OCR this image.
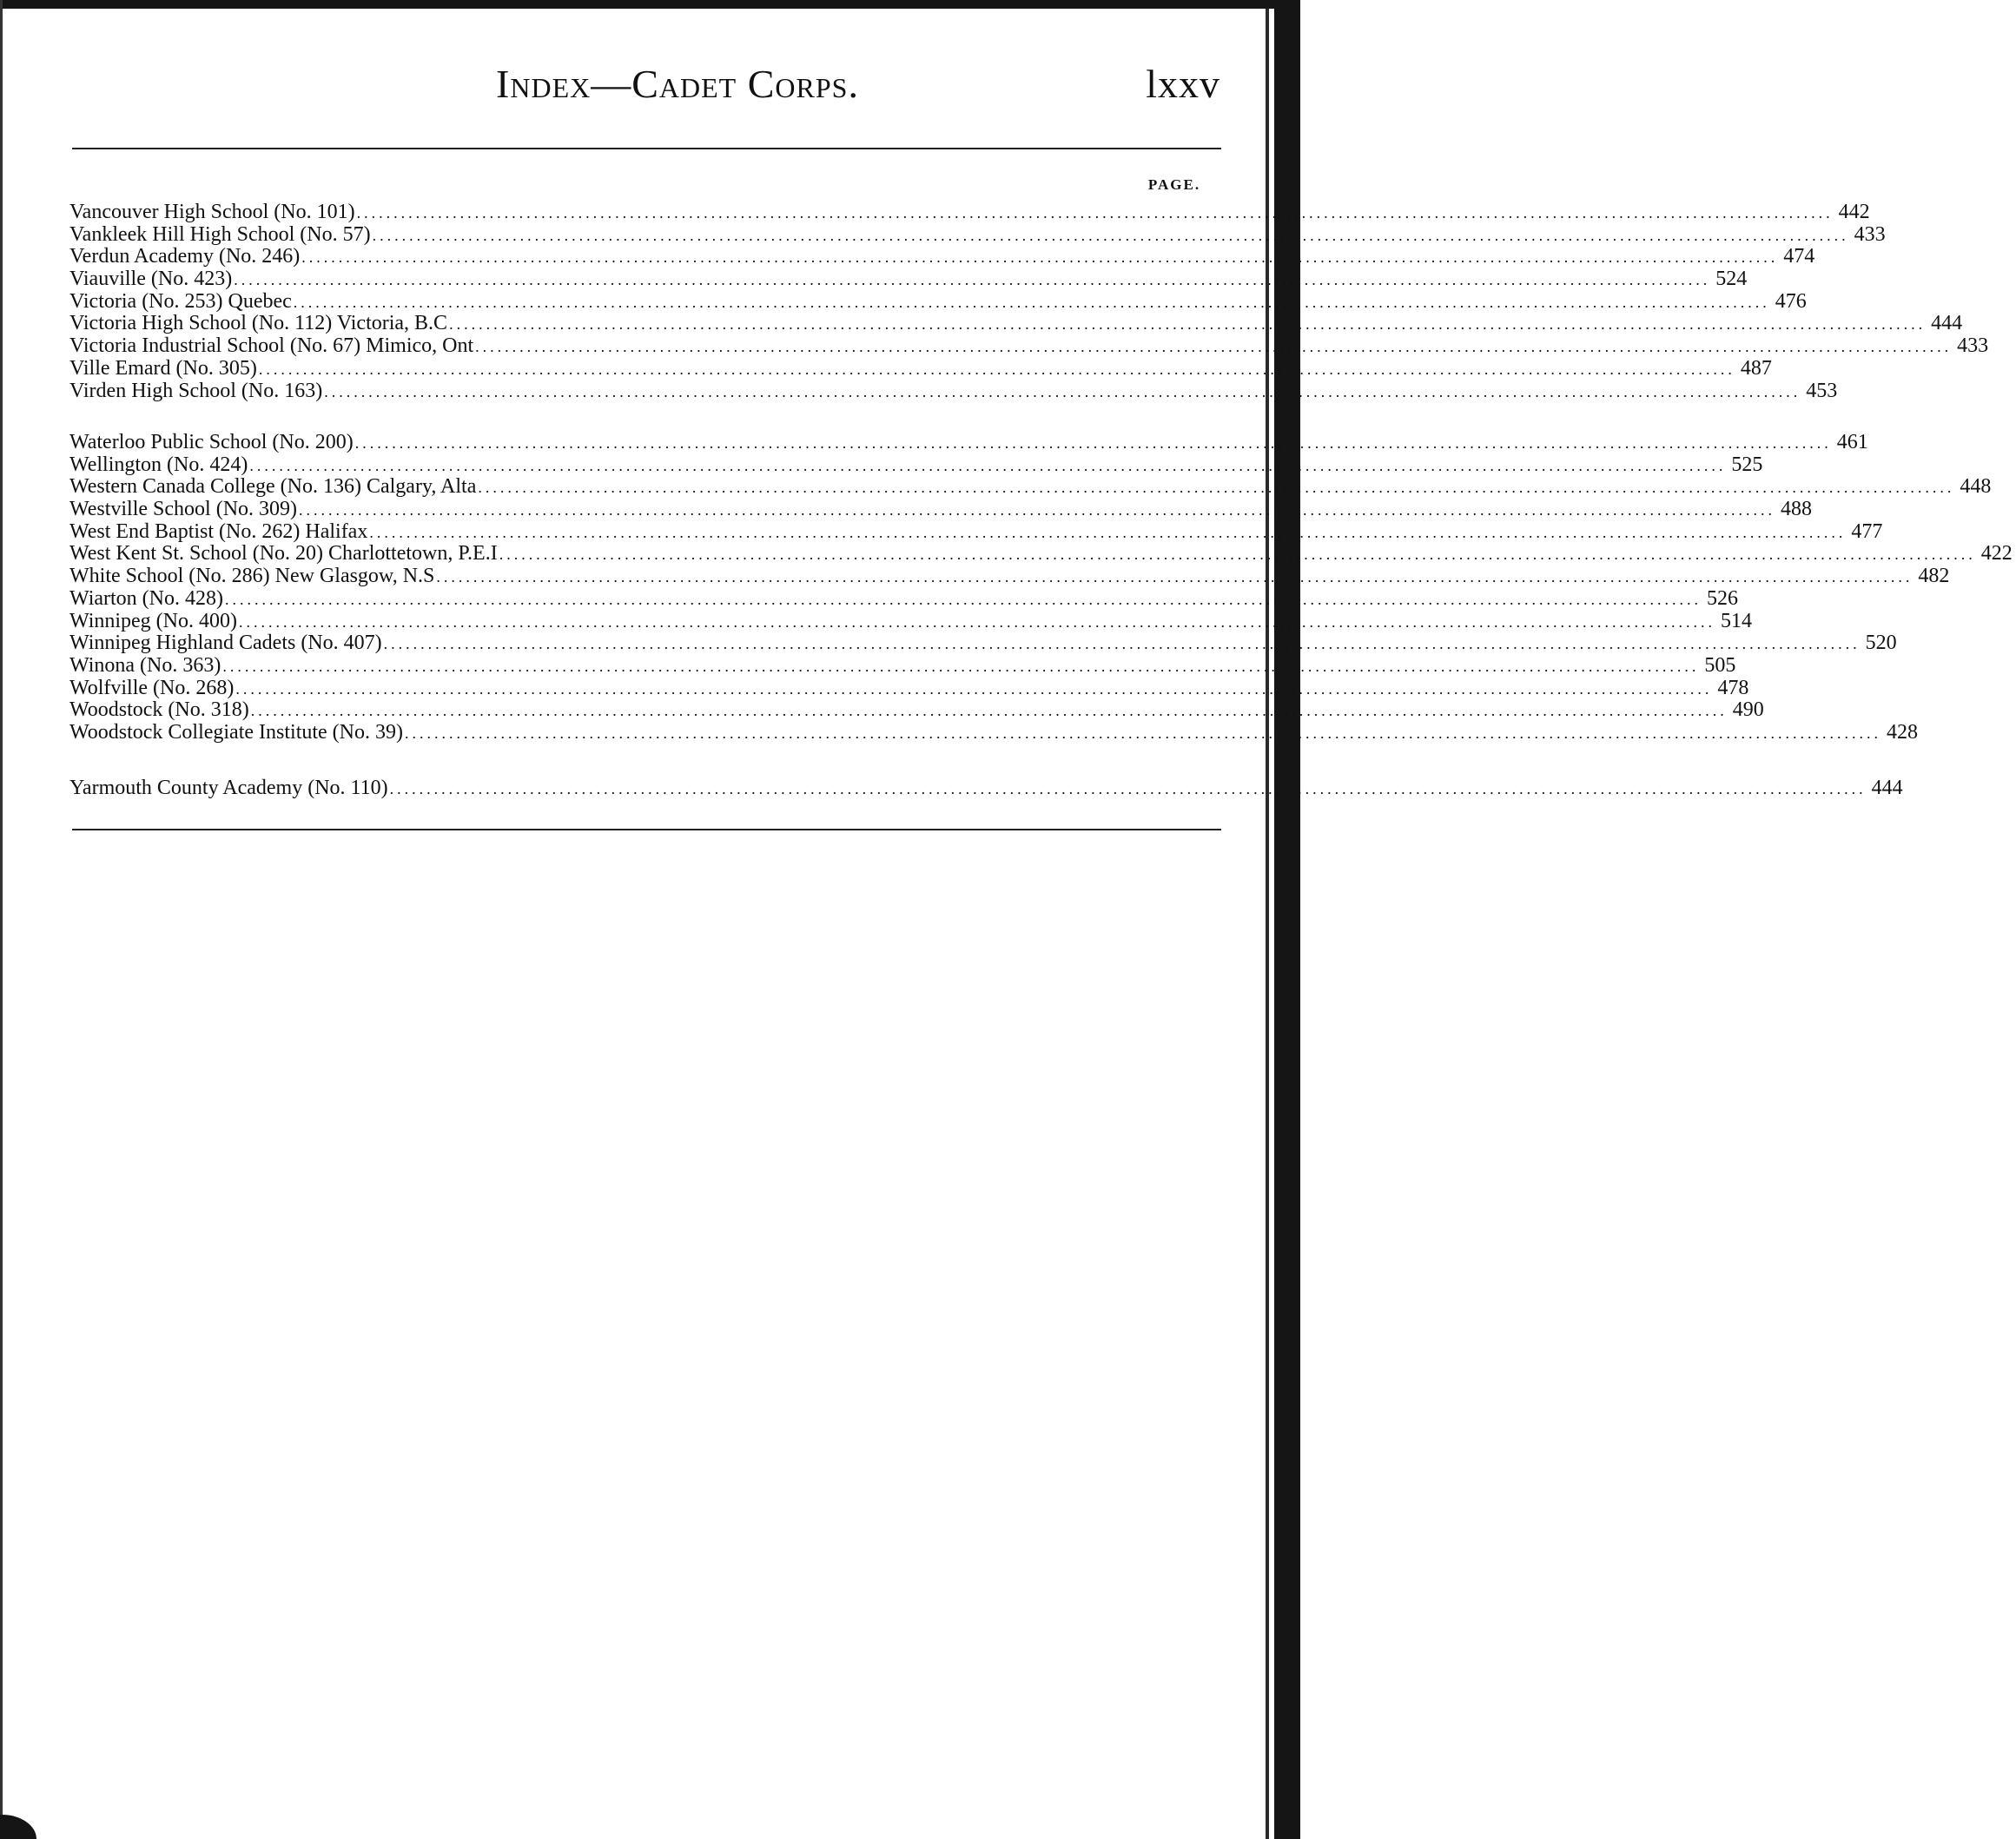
Index—Cadet Corps.	lxxv
PAGE.
Vancouver High School (No. 101) ........................................................................................................................................................................................................ 442
Vankleek Hill High School (No. 57) ........................................................................................................................................................................................................ 433
Verdun Academy (No. 246) ........................................................................................................................................................................................................ 474
Viauville (No. 423) ........................................................................................................................................................................................................ 524
Victoria (No. 253) Quebec ........................................................................................................................................................................................................ 476
Victoria High School (No. 112) Victoria, B.C ........................................................................................................................................................................................................ 444
Victoria Industrial School (No. 67) Mimico, Ont ........................................................................................................................................................................................................ 433
Ville Emard (No. 305) ........................................................................................................................................................................................................ 487
Virden High School (No. 163) ........................................................................................................................................................................................................ 453
Waterloo Public School (No. 200) ........................................................................................................................................................................................................ 461
Wellington (No. 424) ........................................................................................................................................................................................................ 525
Western Canada College (No. 136) Calgary, Alta ........................................................................................................................................................................................................ 448
Westville School (No. 309) ........................................................................................................................................................................................................ 488
West End Baptist (No. 262) Halifax ........................................................................................................................................................................................................ 477
West Kent St. School (No. 20) Charlottetown, P.E.I ........................................................................................................................................................................................................ 422
White School (No. 286) New Glasgow, N.S ........................................................................................................................................................................................................ 482
Wiarton (No. 428) ........................................................................................................................................................................................................ 526
Winnipeg (No. 400) ........................................................................................................................................................................................................ 514
Winnipeg Highland Cadets (No. 407) ........................................................................................................................................................................................................ 520
Winona (No. 363) ........................................................................................................................................................................................................ 505
Wolfville (No. 268) ........................................................................................................................................................................................................ 478
Woodstock (No. 318) ........................................................................................................................................................................................................ 490
Woodstock Collegiate Institute (No. 39) ........................................................................................................................................................................................................ 428
Yarmouth County Academy (No. 110) ........................................................................................................................................................................................................ 444
